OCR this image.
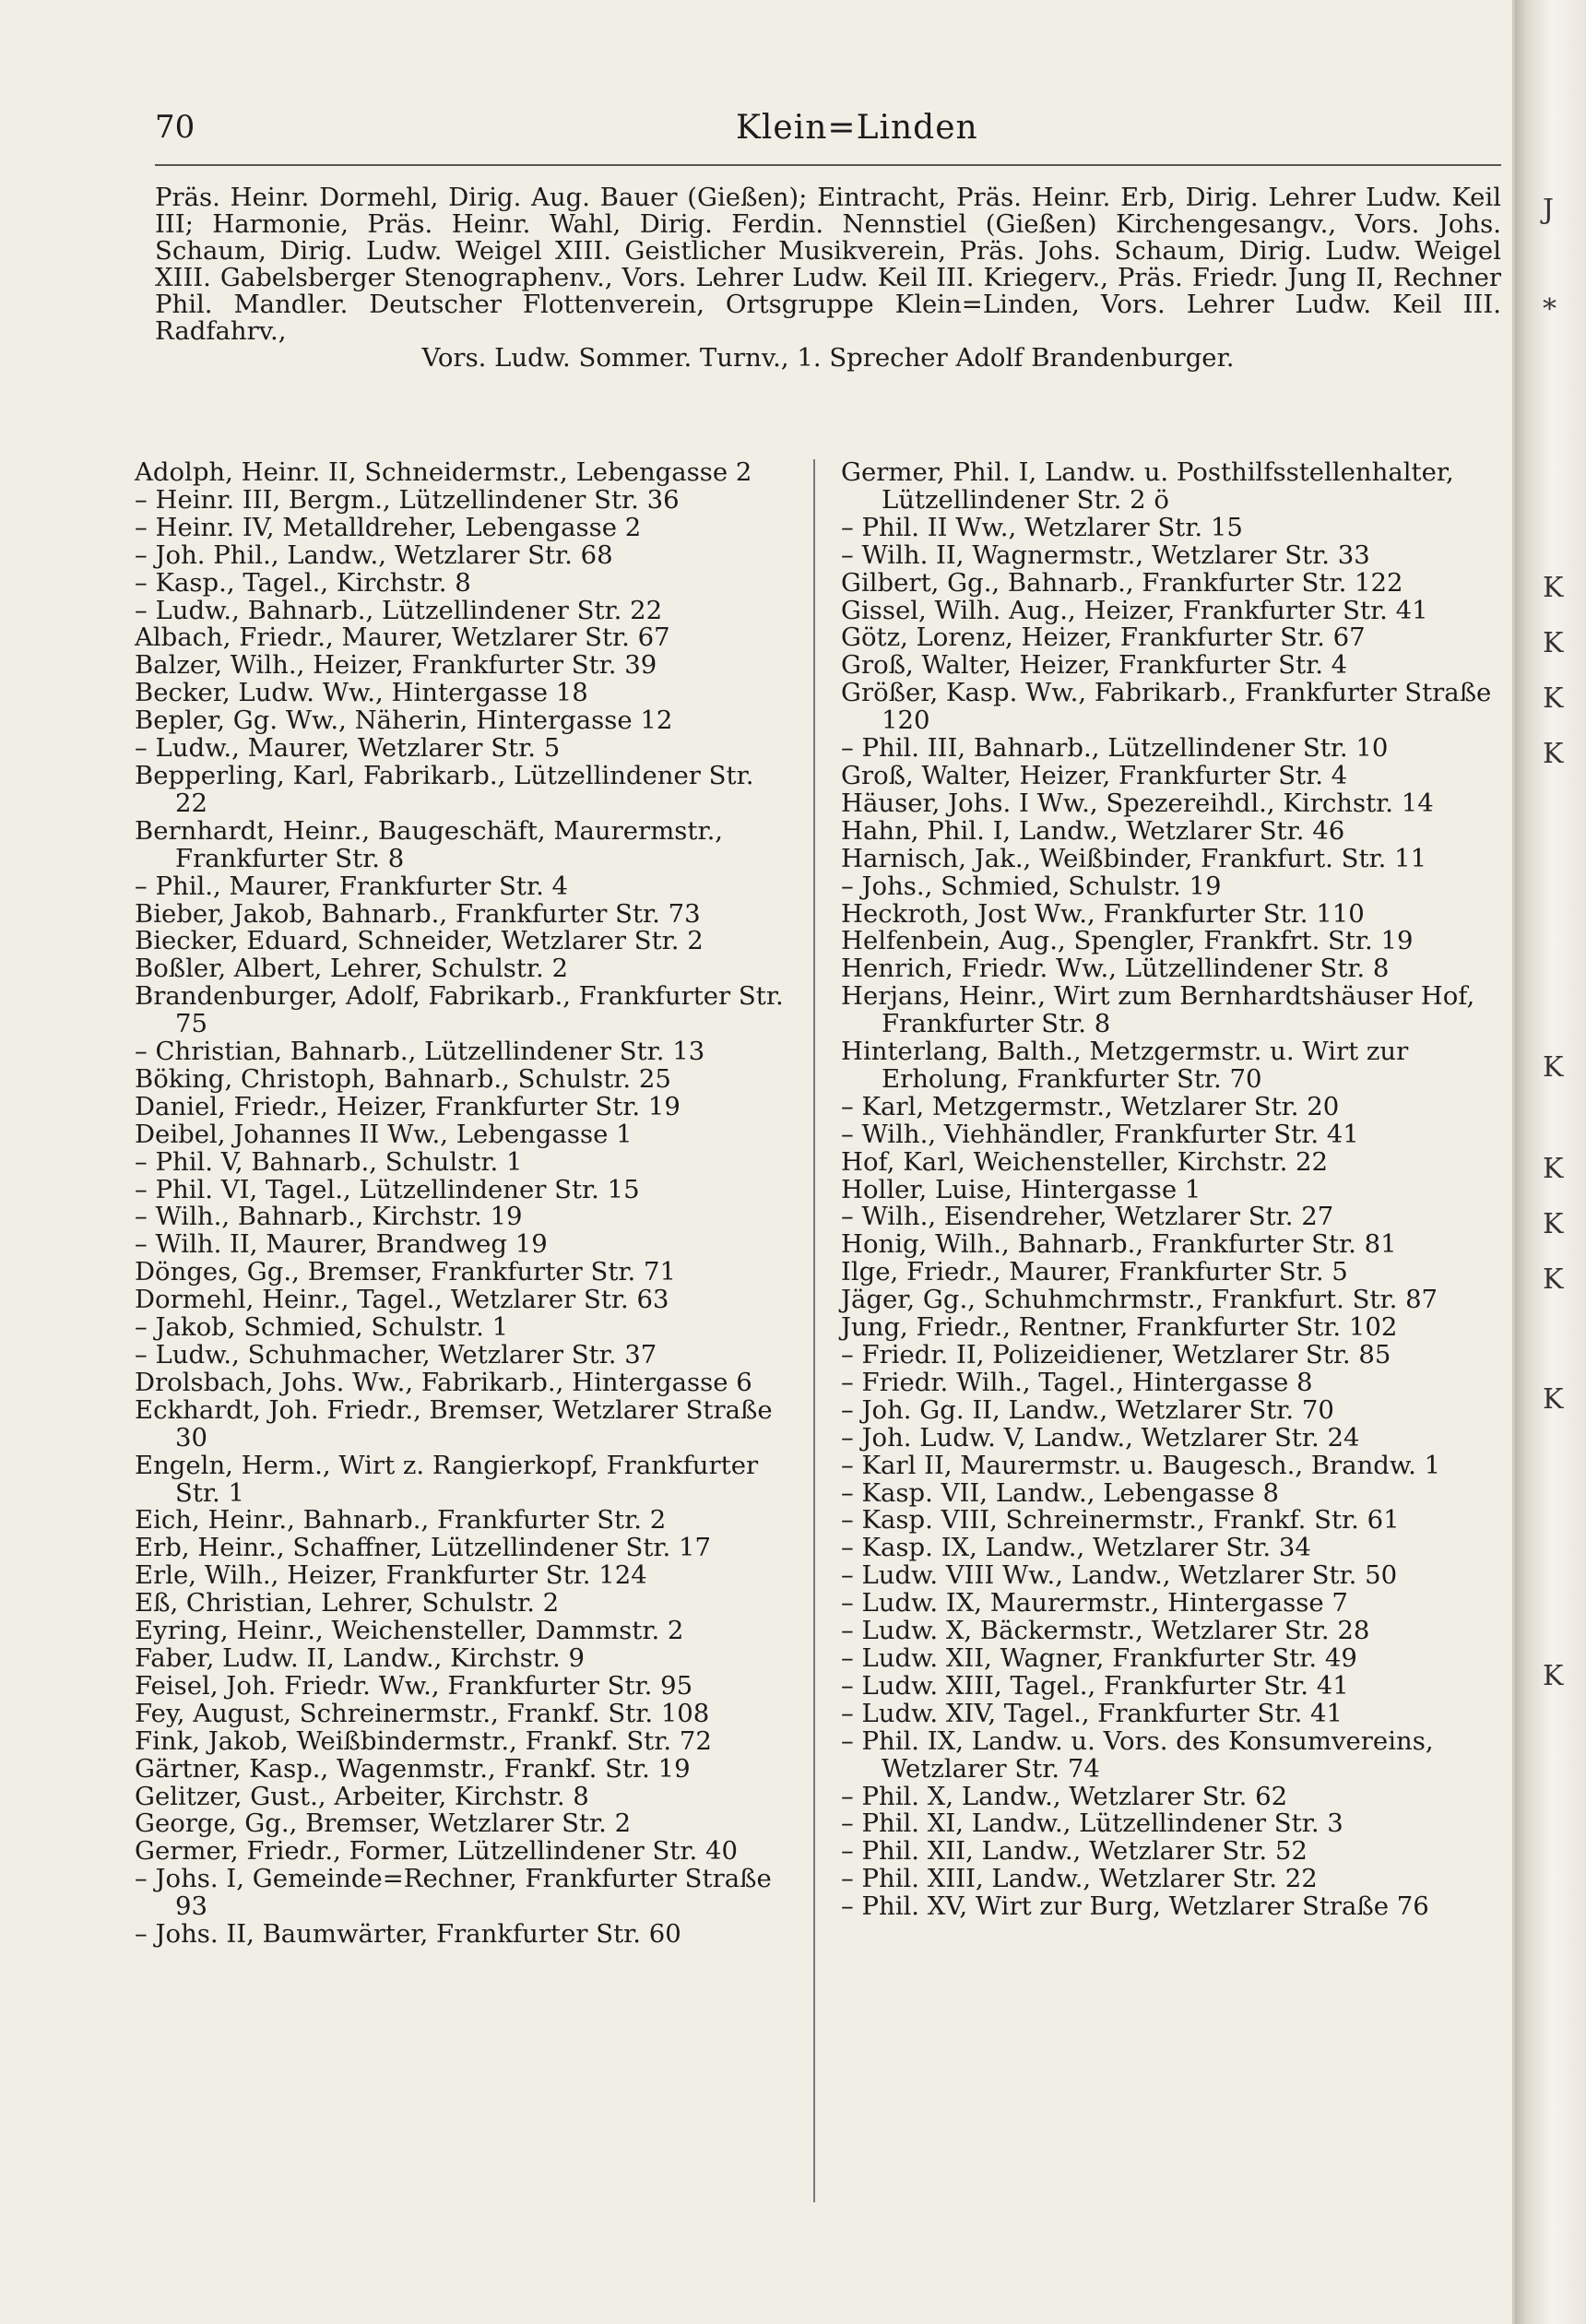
70	Klein=Linden

Präs. Heinr. Dormehl, Dirig. Aug. Bauer (Gießen); Eintracht, Präs. Heinr. Erb, Dirig. Lehrer Ludw. Keil III; Harmonie, Präs. Heinr. Wahl, Dirig. Ferdin. Nennstiel (Gießen) Kirchengesangv., Vors. Johs. Schaum, Dirig. Ludw. Weigel XIII. Geistlicher Musikverein, Präs. Johs. Schaum, Dirig. Ludw. Weigel XIII. Gabelsberger Stenographenv., Vors. Lehrer Ludw. Keil III. Kriegerv., Präs. Friedr. Jung II, Rechner Phil. Mandler. Deutscher Flottenverein, Ortsgruppe Klein=Linden, Vors. Lehrer Ludw. Keil III. Radfahrv.,

Vors. Ludw. Sommer. Turnv., 1. Sprecher Adolf Brandenburger.

Adolph, Heinr. II, Schneidermstr., Lebengasse 2
– Heinr. III, Bergm., Lützellindener Str. 36
– Heinr. IV, Metalldreher, Lebengasse 2
– Joh. Phil., Landw., Wetzlarer Str. 68
– Kasp., Tagel., Kirchstr. 8
– Ludw., Bahnarb., Lützellindener Str. 22
Albach, Friedr., Maurer, Wetzlarer Str. 67
Balzer, Wilh., Heizer, Frankfurter Str. 39
Becker, Ludw. Ww., Hintergasse 18
Bepler, Gg. Ww., Näherin, Hintergasse 12
– Ludw., Maurer, Wetzlarer Str. 5
Bepperling, Karl, Fabrikarb., Lützellindener Str. 22
Bernhardt, Heinr., Baugeschäft, Maurermstr., Frankfurter Str. 8
– Phil., Maurer, Frankfurter Str. 4
Bieber, Jakob, Bahnarb., Frankfurter Str. 73
Biecker, Eduard, Schneider, Wetzlarer Str. 2
Boßler, Albert, Lehrer, Schulstr. 2
Brandenburger, Adolf, Fabrikarb., Frankfurter Str. 75
– Christian, Bahnarb., Lützellindener Str. 13
Böking, Christoph, Bahnarb., Schulstr. 25
Daniel, Friedr., Heizer, Frankfurter Str. 19
Deibel, Johannes II Ww., Lebengasse 1
– Phil. V, Bahnarb., Schulstr. 1
– Phil. VI, Tagel., Lützellindener Str. 15
– Wilh., Bahnarb., Kirchstr. 19
– Wilh. II, Maurer, Brandweg 19
Dönges, Gg., Bremser, Frankfurter Str. 71
Dormehl, Heinr., Tagel., Wetzlarer Str. 63
– Jakob, Schmied, Schulstr. 1
– Ludw., Schuhmacher, Wetzlarer Str. 37
Drolsbach, Johs. Ww., Fabrikarb., Hintergasse 6
Eckhardt, Joh. Friedr., Bremser, Wetzlarer Straße 30
Engeln, Herm., Wirt z. Rangierkopf, Frankfurter Str. 1
Eich, Heinr., Bahnarb., Frankfurter Str. 2
Erb, Heinr., Schaffner, Lützellindener Str. 17
Erle, Wilh., Heizer, Frankfurter Str. 124
Eß, Christian, Lehrer, Schulstr. 2
Eyring, Heinr., Weichensteller, Dammstr. 2
Faber, Ludw. II, Landw., Kirchstr. 9
Feisel, Joh. Friedr. Ww., Frankfurter Str. 95
Fey, August, Schreinermstr., Frankf. Str. 108
Fink, Jakob, Weißbindermstr., Frankf. Str. 72
Gärtner, Kasp., Wagenmstr., Frankf. Str. 19
Gelitzer, Gust., Arbeiter, Kirchstr. 8
George, Gg., Bremser, Wetzlarer Str. 2
Germer, Friedr., Former, Lützellindener Str. 40
– Johs. I, Gemeinde=Rechner, Frankfurter Straße 93
– Johs. II, Baumwärter, Frankfurter Str. 60
Germer, Phil. I, Landw. u. Posthilfsstellenhalter, Lützellindener Str. 2 ö
– Phil. II Ww., Wetzlarer Str. 15
– Wilh. II, Wagnermstr., Wetzlarer Str. 33
Gilbert, Gg., Bahnarb., Frankfurter Str. 122
Gissel, Wilh. Aug., Heizer, Frankfurter Str. 41
Götz, Lorenz, Heizer, Frankfurter Str. 67
Groß, Walter, Heizer, Frankfurter Str. 4
Größer, Kasp. Ww., Fabrikarb., Frankfurter Straße 120
– Phil. III, Bahnarb., Lützellindener Str. 10
Groß, Walter, Heizer, Frankfurter Str. 4
Häuser, Johs. I Ww., Spezereihdl., Kirchstr. 14
Hahn, Phil. I, Landw., Wetzlarer Str. 46
Harnisch, Jak., Weißbinder, Frankfurt. Str. 11
– Johs., Schmied, Schulstr. 19
Heckroth, Jost Ww., Frankfurter Str. 110
Helfenbein, Aug., Spengler, Frankfrt. Str. 19
Henrich, Friedr. Ww., Lützellindener Str. 8
Herjans, Heinr., Wirt zum Bernhardtshäuser Hof, Frankfurter Str. 8
Hinterlang, Balth., Metzgermstr. u. Wirt zur Erholung, Frankfurter Str. 70
– Karl, Metzgermstr., Wetzlarer Str. 20
– Wilh., Viehhändler, Frankfurter Str. 41
Hof, Karl, Weichensteller, Kirchstr. 22
Holler, Luise, Hintergasse 1
– Wilh., Eisendreher, Wetzlarer Str. 27
Honig, Wilh., Bahnarb., Frankfurter Str. 81
Ilge, Friedr., Maurer, Frankfurter Str. 5
Jäger, Gg., Schuhmchrmstr., Frankfurt. Str. 87
Jung, Friedr., Rentner, Frankfurter Str. 102
– Friedr. II, Polizeidiener, Wetzlarer Str. 85
– Friedr. Wilh., Tagel., Hintergasse 8
– Joh. Gg. II, Landw., Wetzlarer Str. 70
– Joh. Ludw. V, Landw., Wetzlarer Str. 24
– Karl II, Maurermstr. u. Baugesch., Brandw. 1
– Kasp. VII, Landw., Lebengasse 8
– Kasp. VIII, Schreinermstr., Frankf. Str. 61
– Kasp. IX, Landw., Wetzlarer Str. 34
– Ludw. VIII Ww., Landw., Wetzlarer Str. 50
– Ludw. IX, Maurermstr., Hintergasse 7
– Ludw. X, Bäckermstr., Wetzlarer Str. 28
– Ludw. XII, Wagner, Frankfurter Str. 49
– Ludw. XIII, Tagel., Frankfurter Str. 41
– Ludw. XIV, Tagel., Frankfurter Str. 41
– Phil. IX, Landw. u. Vors. des Konsumvereins, Wetzlarer Str. 74
– Phil. X, Landw., Wetzlarer Str. 62
– Phil. XI, Landw., Lützellindener Str. 3
– Phil. XII, Landw., Wetzlarer Str. 52
– Phil. XIII, Landw., Wetzlarer Str. 22
– Phil. XV, Wirt zur Burg, Wetzlarer Straße 76
J
*
K
K
K
K
K
K
K
K
K
K
